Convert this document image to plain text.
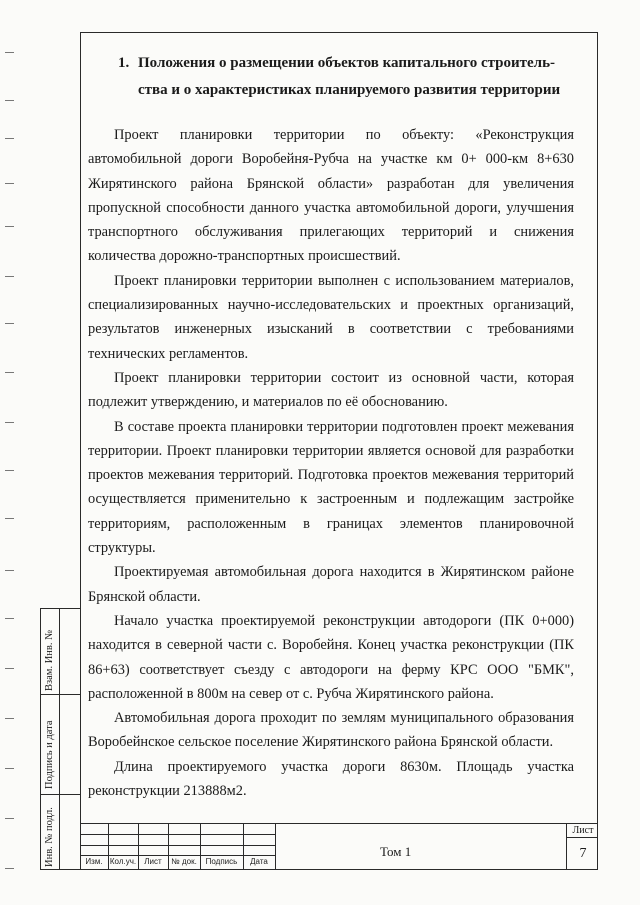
Взам. Инв. №
Подпись и дата
Инв. № подл.
1. Положения о размещении объектов капитального строитель-
ства и о характеристиках планируемого развития территории

Проект планировки территории по объекту: «Реконструкция автомобильной дороги Воробейня-Рубча на участке км 0+ 000-км 8+630 Жирятинского района Брянской области» разработан для увеличения пропускной способности данного участка автомобильной дороги, улучшения транспортного обслуживания прилегающих территорий и снижения количества дорожно-транспортных происшествий.

Проект планировки территории выполнен с использованием материалов, специализированных научно-исследовательских и проектных организаций, результатов инженерных изысканий в соответствии с требованиями технических регламентов.

Проект планировки территории состоит из основной части, которая подлежит утверждению, и материалов по её обоснованию.

В составе проекта планировки территории подготовлен проект межевания территории. Проект планировки территории является основой для разработки проектов межевания территорий. Подготовка проектов межевания территорий осуществляется применительно к застроенным и подлежащим застройке территориям, расположенным в границах элементов планировочной структуры.

Проектируемая автомобильная дорога находится в Жирятинском районе Брянской области.

Начало участка проектируемой реконструкции автодороги (ПК 0+000) находится в северной части с. Воробейня. Конец участка реконструкции (ПК 86+63) соответствует съезду с автодороги на ферму КРС ООО "БМК", расположенной в 800м на север от с. Рубча Жирятинского района.

Автомобильная дорога проходит по землям муниципального образования Воробейнское сельское поселение Жирятинского района Брянской области.

Длина проектируемого участка дороги 8630м. Площадь участка реконструкции 213888м2.

Изм. Кол.уч.	Лист	№ док.	Подпись	Дата
Том 1
Лист
7
